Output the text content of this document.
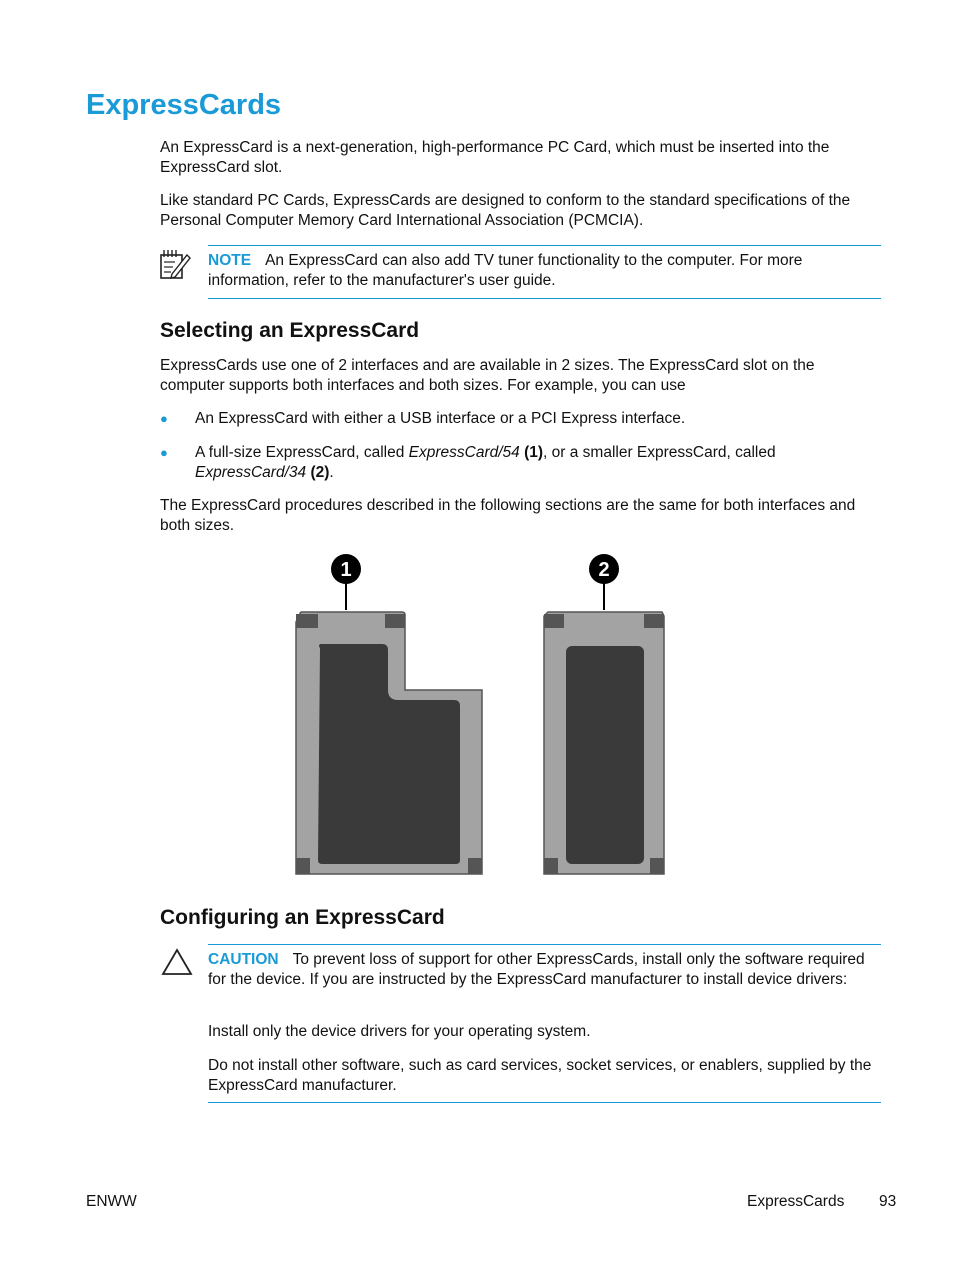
ExpressCards

An ExpressCard is a next-generation, high-performance PC Card, which must be inserted into the ExpressCard slot.

Like standard PC Cards, ExpressCards are designed to conform to the standard specifications of the Personal Computer Memory Card International Association (PCMCIA).

NOTE An ExpressCard can also add TV tuner functionality to the computer. For more information, refer to the manufacturer's user guide.

Selecting an ExpressCard

ExpressCards use one of 2 interfaces and are available in 2 sizes. The ExpressCard slot on the computer supports both interfaces and both sizes. For example, you can use

● An ExpressCard with either a USB interface or a PCI Express interface.

● A full-size ExpressCard, called ExpressCard/54 (1), or a smaller ExpressCard, called ExpressCard/34 (2).

The ExpressCard procedures described in the following sections are the same for both interfaces and both sizes.

1	2
Configuring an ExpressCard

CAUTION To prevent loss of support for other ExpressCards, install only the software required for the device. If you are instructed by the ExpressCard manufacturer to install device drivers:

Install only the device drivers for your operating system.

Do not install other software, such as card services, socket services, or enablers, supplied by the ExpressCard manufacturer.

ENWW	ExpressCards 93
